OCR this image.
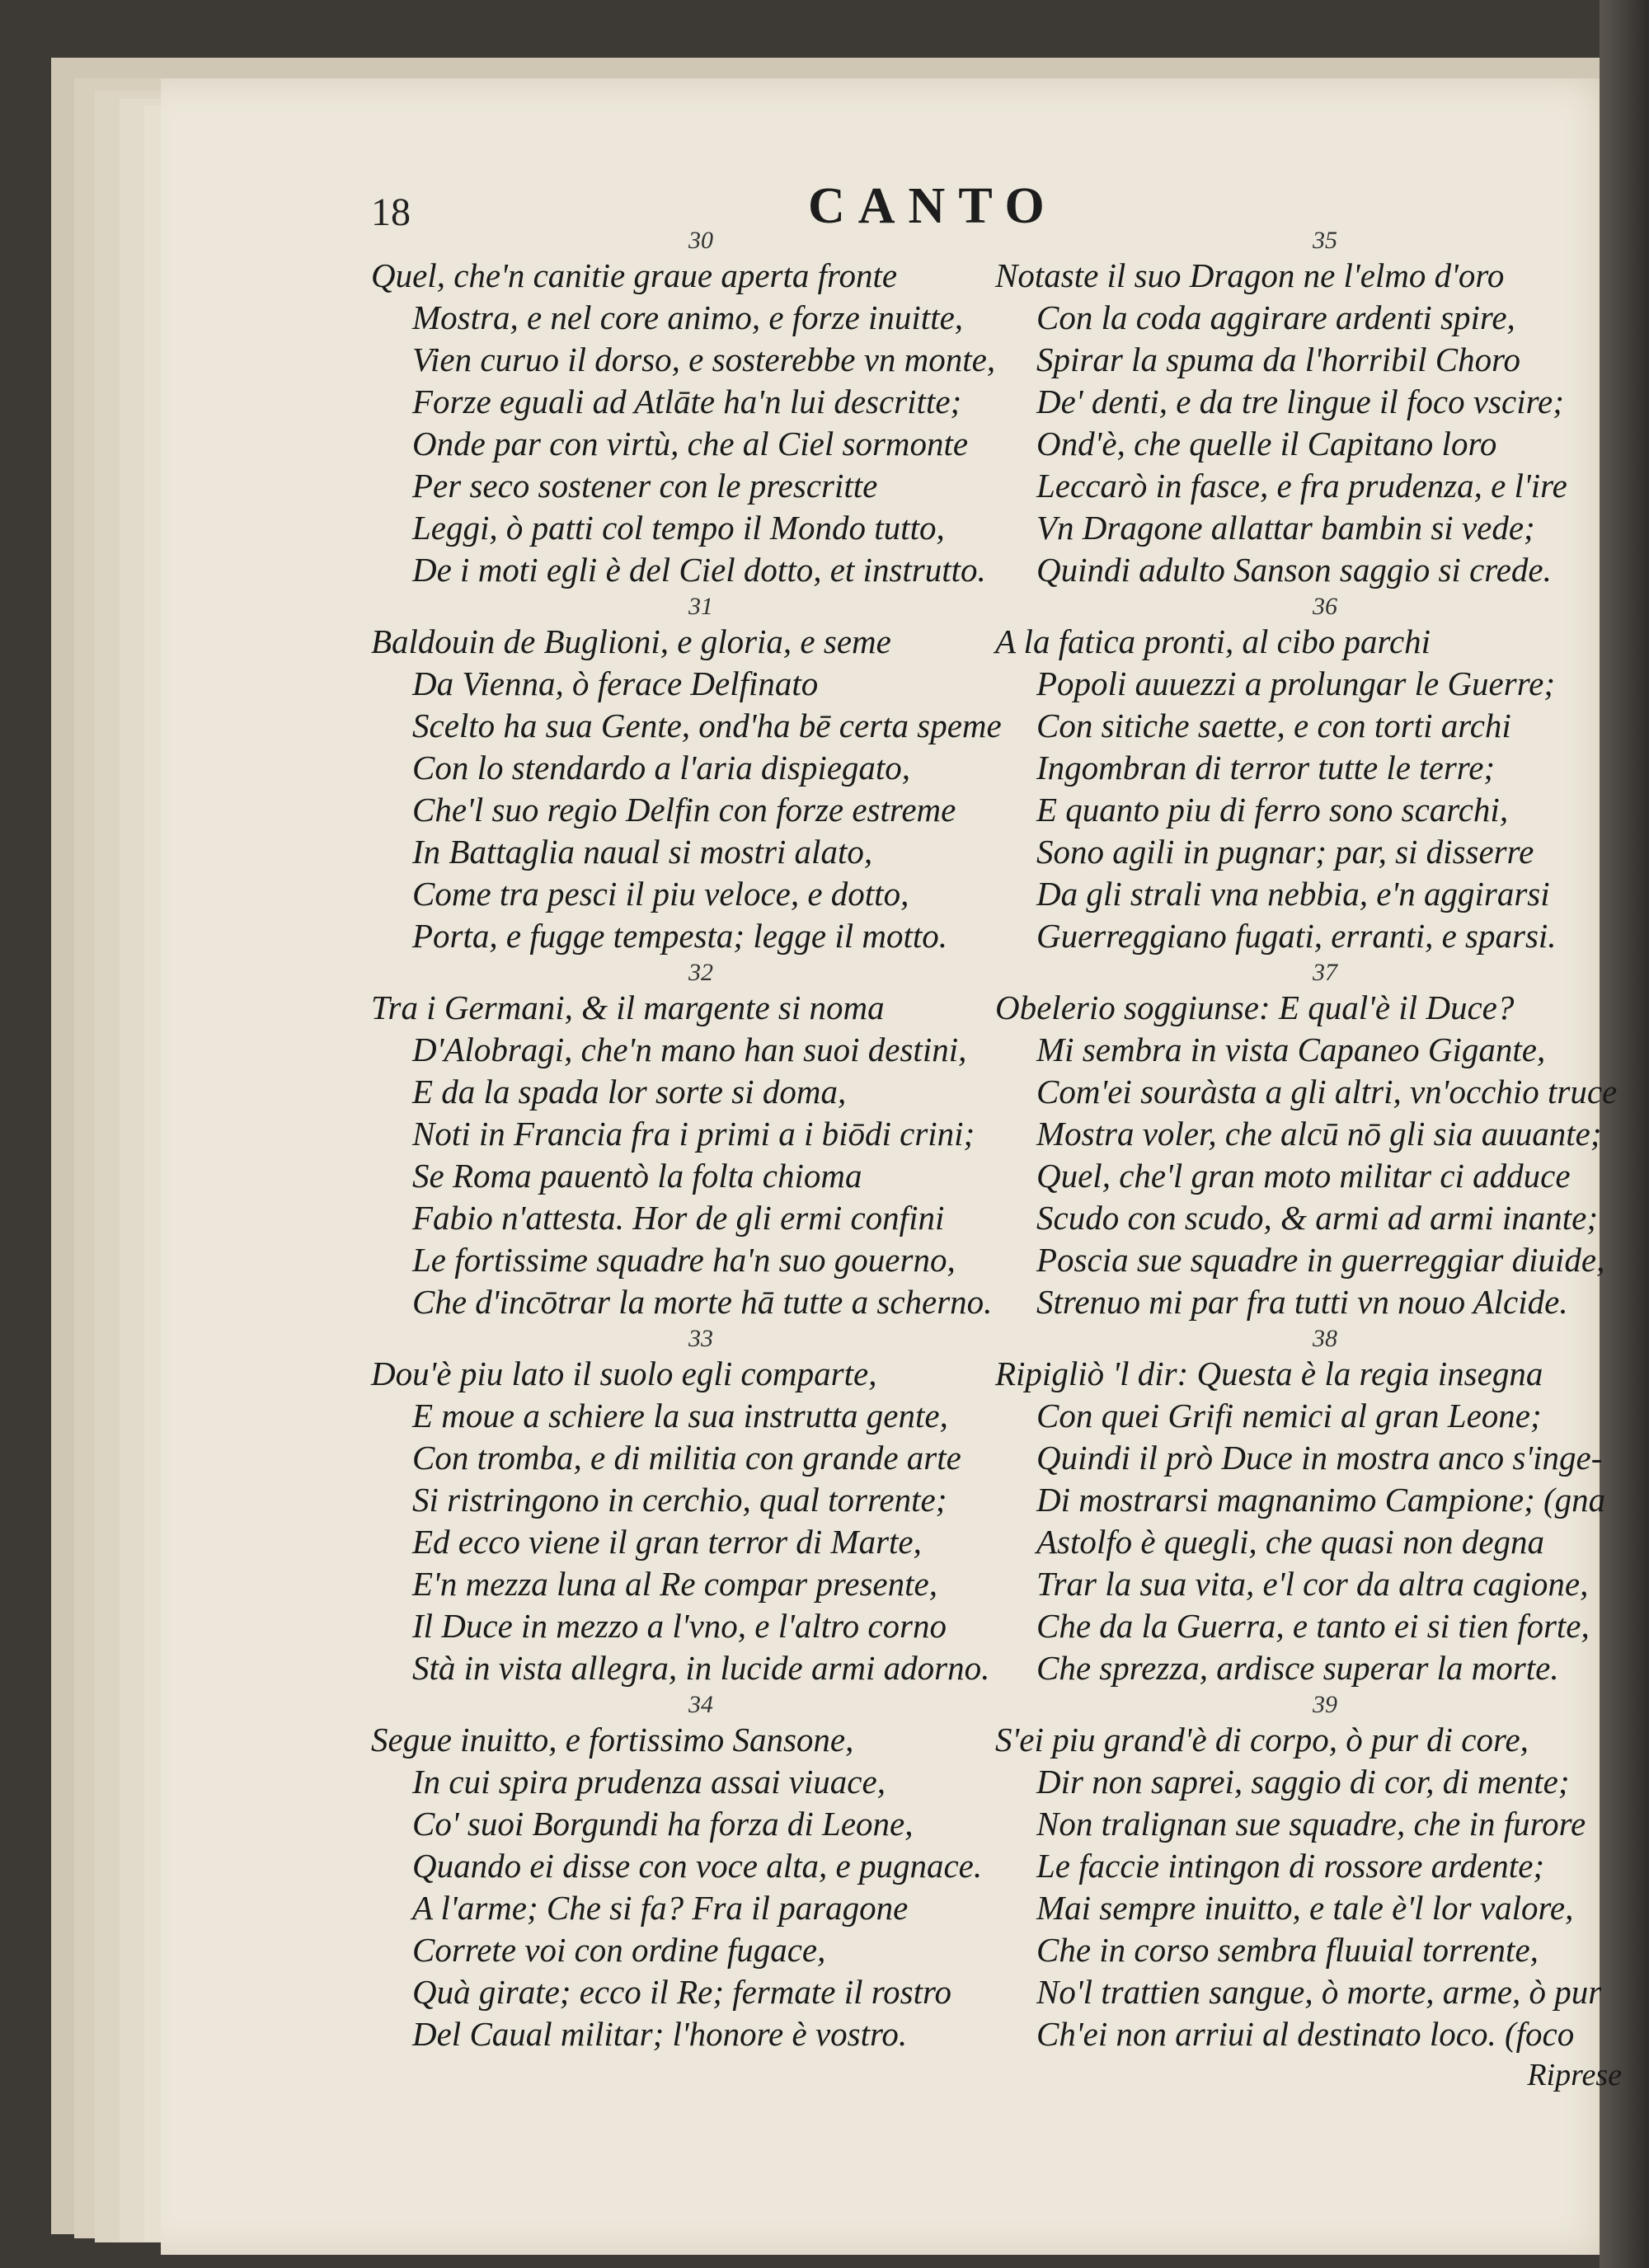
18	CANTO
30
Quel, che'n canitie graue aperta fronte
Mostra, e nel core animo, e forze inuitte,
Vien curuo il dorso, e sosterebbe vn monte,
Forze eguali ad Atlāte ha'n lui descritte;
Onde par con virtù, che al Ciel sormonte
Per seco sostener con le prescritte
Leggi, ò patti col tempo il Mondo tutto,
De i moti egli è del Ciel dotto, et instrutto.
31
Baldouin de Buglioni, e gloria, e seme
Da Vienna, ò ferace Delfinato
Scelto ha sua Gente, ond'ha bē certa speme
Con lo stendardo a l'aria dispiegato,
Che'l suo regio Delfin con forze estreme
In Battaglia naual si mostri alato,
Come tra pesci il piu veloce, e dotto,
Porta, e fugge tempesta; legge il motto.
32
Tra i Germani, & il margente si noma
D'Alobragi, che'n mano han suoi destini,
E da la spada lor sorte si doma,
Noti in Francia fra i primi a i biōdi crini;
Se Roma pauentò la folta chioma
Fabio n'attesta. Hor de gli ermi confini
Le fortissime squadre ha'n suo gouerno,
Che d'incōtrar la morte hā tutte a scherno.
33
Dou'è piu lato il suolo egli comparte,
E moue a schiere la sua instrutta gente,
Con tromba, e di militia con grande arte
Si ristringono in cerchio, qual torrente;
Ed ecco viene il gran terror di Marte,
E'n mezza luna al Re compar presente,
Il Duce in mezzo a l'vno, e l'altro corno
Stà in vista allegra, in lucide armi adorno.
34
Segue inuitto, e fortissimo Sansone,
In cui spira prudenza assai viuace,
Co' suoi Borgundi ha forza di Leone,
Quando ei disse con voce alta, e pugnace.
A l'arme; Che si fa? Fra il paragone
Correte voi con ordine fugace,
Quà girate; ecco il Re; fermate il rostro
Del Caual militar; l'honore è vostro.
35
Notaste il suo Dragon ne l'elmo d'oro
Con la coda aggirare ardenti spire,
Spirar la spuma da l'horribil Choro
De' denti, e da tre lingue il foco vscire;
Ond'è, che quelle il Capitano loro
Leccarò in fasce, e fra prudenza, e l'ire
Vn Dragone allattar bambin si vede;
Quindi adulto Sanson saggio si crede.
36
A la fatica pronti, al cibo parchi
Popoli auuezzi a prolungar le Guerre;
Con sitiche saette, e con torti archi
Ingombran di terror tutte le terre;
E quanto piu di ferro sono scarchi,
Sono agili in pugnar; par, si disserre
Da gli strali vna nebbia, e'n aggirarsi
Guerreggiano fugati, erranti, e sparsi.
37
Obelerio soggiunse: E qual'è il Duce?
Mi sembra in vista Capaneo Gigante,
Com'ei souràsta a gli altri, vn'occhio truce
Mostra voler, che alcū nō gli sia auuante;
Quel, che'l gran moto militar ci adduce
Scudo con scudo, & armi ad armi inante;
Poscia sue squadre in guerreggiar diuide,
Strenuo mi par fra tutti vn nouo Alcide.
38
Ripigliò 'l dir: Questa è la regia insegna
Con quei Grifi nemici al gran Leone;
Quindi il prò Duce in mostra anco s'inge-
Di mostrarsi magnanimo Campione; (gna
Astolfo è quegli, che quasi non degna
Trar la sua vita, e'l cor da altra cagione,
Che da la Guerra, e tanto ei si tien forte,
Che sprezza, ardisce superar la morte.
39
S'ei piu grand'è di corpo, ò pur di core,
Dir non saprei, saggio di cor, di mente;
Non tralignan sue squadre, che in furore
Le faccie intingon di rossore ardente;
Mai sempre inuitto, e tale è'l lor valore,
Che in corso sembra fluuial torrente,
No'l trattien sangue, ò morte, arme, ò pur
Ch'ei non arriui al destinato loco. (foco
Riprese
